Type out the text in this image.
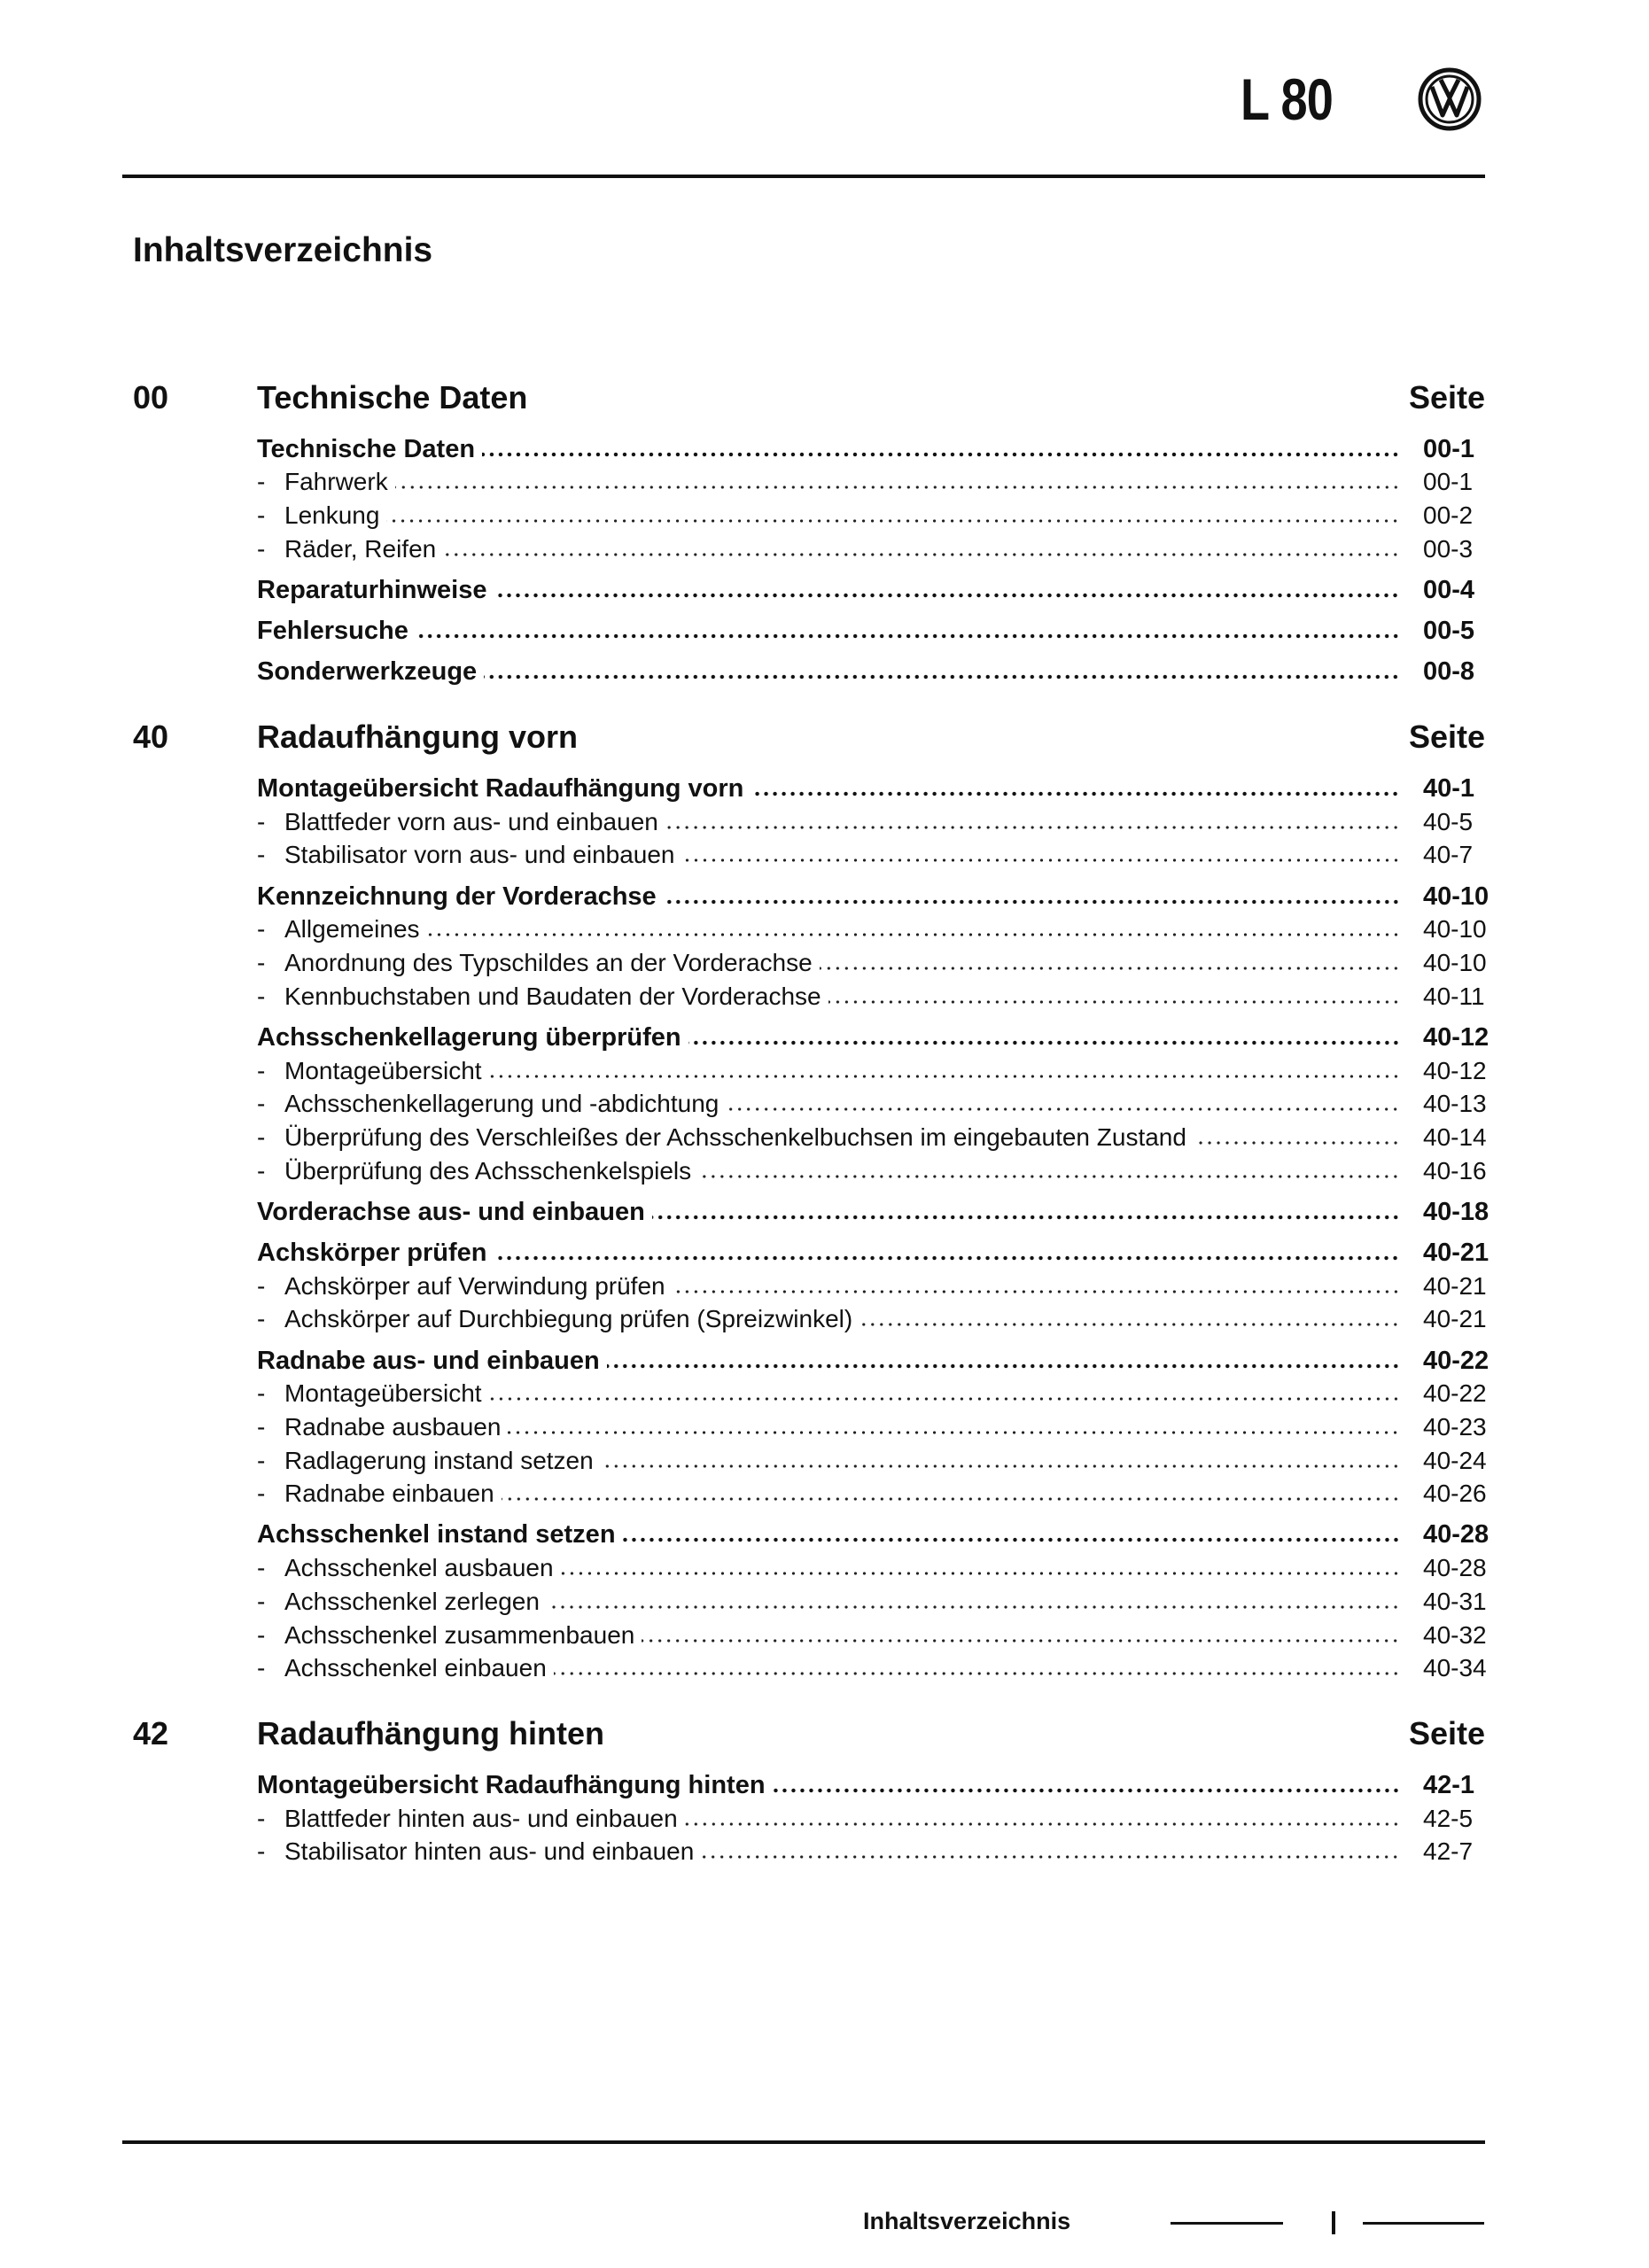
L 80
Inhaltsverzeichnis
00	Technische Daten	Seite
Technische Daten	00-1
- Fahrwerk	00-1
- Lenkung	00-2
- Räder, Reifen	00-3
Reparaturhinweise	00-4
Fehlersuche	00-5
Sonderwerkzeuge	00-8
40	Radaufhängung vorn	Seite
Montageübersicht Radaufhängung vorn	40-1
- Blattfeder vorn aus- und einbauen	40-5
- Stabilisator vorn aus- und einbauen	40-7
Kennzeichnung der Vorderachse	40-10
- Allgemeines	40-10
- Anordnung des Typschildes an der Vorderachse	40-10
- Kennbuchstaben und Baudaten der Vorderachse	40-11
Achsschenkellagerung überprüfen	40-12
- Montageübersicht	40-12
- Achsschenkellagerung und -abdichtung	40-13
- Überprüfung des Verschleißes der Achsschenkelbuchsen im eingebauten Zustand	40-14
- Überprüfung des Achsschenkelspiels	40-16
Vorderachse aus- und einbauen	40-18
Achskörper prüfen	40-21
- Achskörper auf Verwindung prüfen	40-21
- Achskörper auf Durchbiegung prüfen (Spreizwinkel)	40-21
Radnabe aus- und einbauen	40-22
- Montageübersicht	40-22
- Radnabe ausbauen	40-23
- Radlagerung instand setzen	40-24
- Radnabe einbauen	40-26
Achsschenkel instand setzen	40-28
- Achsschenkel ausbauen	40-28
- Achsschenkel zerlegen	40-31
- Achsschenkel zusammenbauen	40-32
- Achsschenkel einbauen	40-34
42	Radaufhängung hinten	Seite
Montageübersicht Radaufhängung hinten	42-1
- Blattfeder hinten aus- und einbauen	42-5
- Stabilisator hinten aus- und einbauen	42-7
Inhaltsverzeichnis
